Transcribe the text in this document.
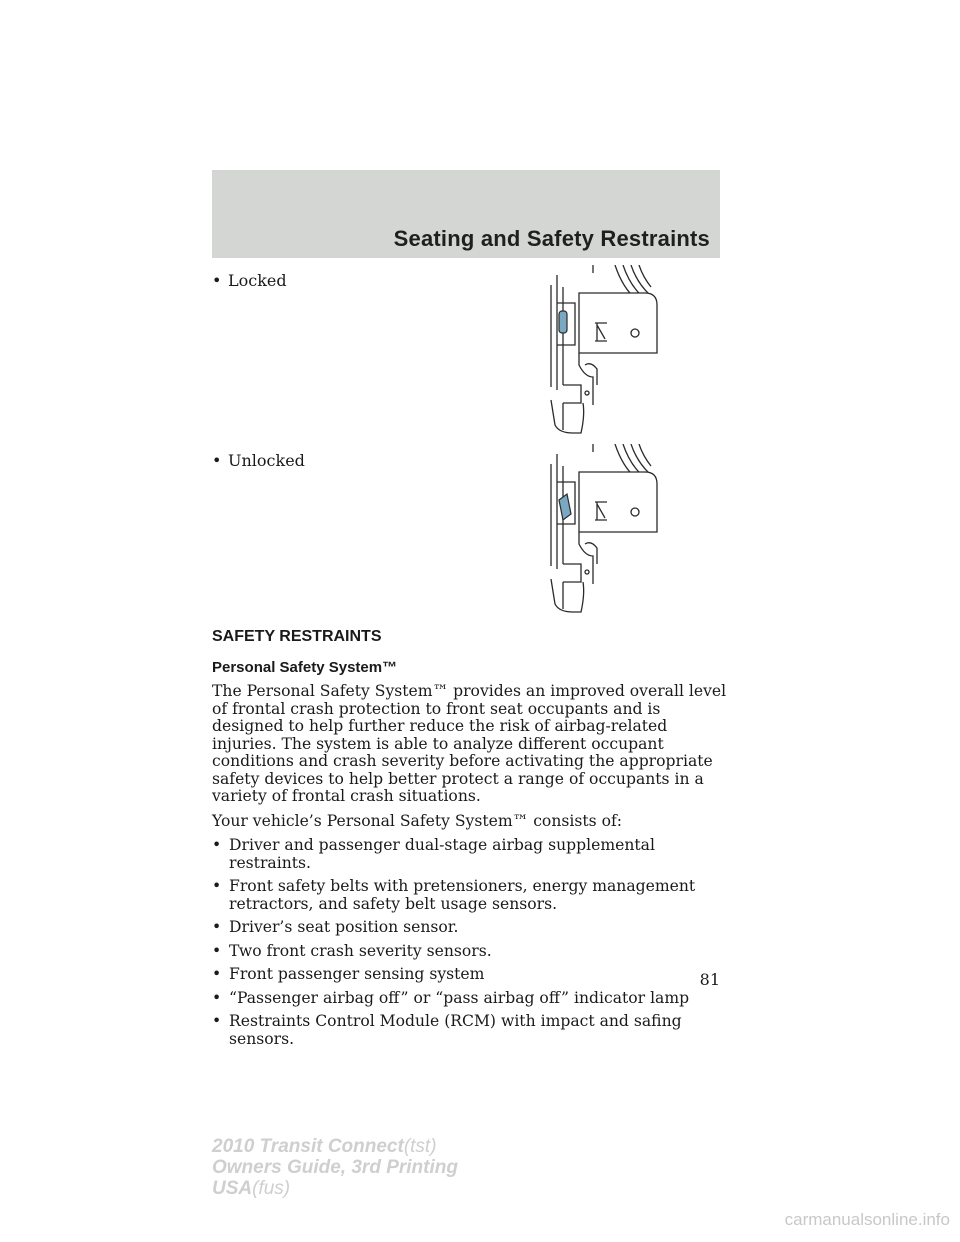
Seating and Safety Restraints
• Locked
• Unlocked
SAFETY RESTRAINTS
Personal Safety System™

The Personal Safety System™ provides an improved overall level of frontal crash protection to front seat occupants and is designed to help further reduce the risk of airbag-related injuries. The system is able to analyze different occupant conditions and crash severity before activating the appropriate safety devices to help better protect a range of occupants in a variety of frontal crash situations.

Your vehicle’s Personal Safety System™ consists of:

• Driver and passenger dual-stage airbag supplemental restraints.
• Front safety belts with pretensioners, energy management retractors, and safety belt usage sensors.
• Driver’s seat position sensor.
• Two front crash severity sensors.
• Front passenger sensing system
• “Passenger airbag off” or “pass airbag off” indicator lamp
• Restraints Control Module (RCM) with impact and safing sensors.
81
2010 Transit Connect(tst)
Owners Guide, 3rd Printing
USA(fus)
carmanualsonline.info
